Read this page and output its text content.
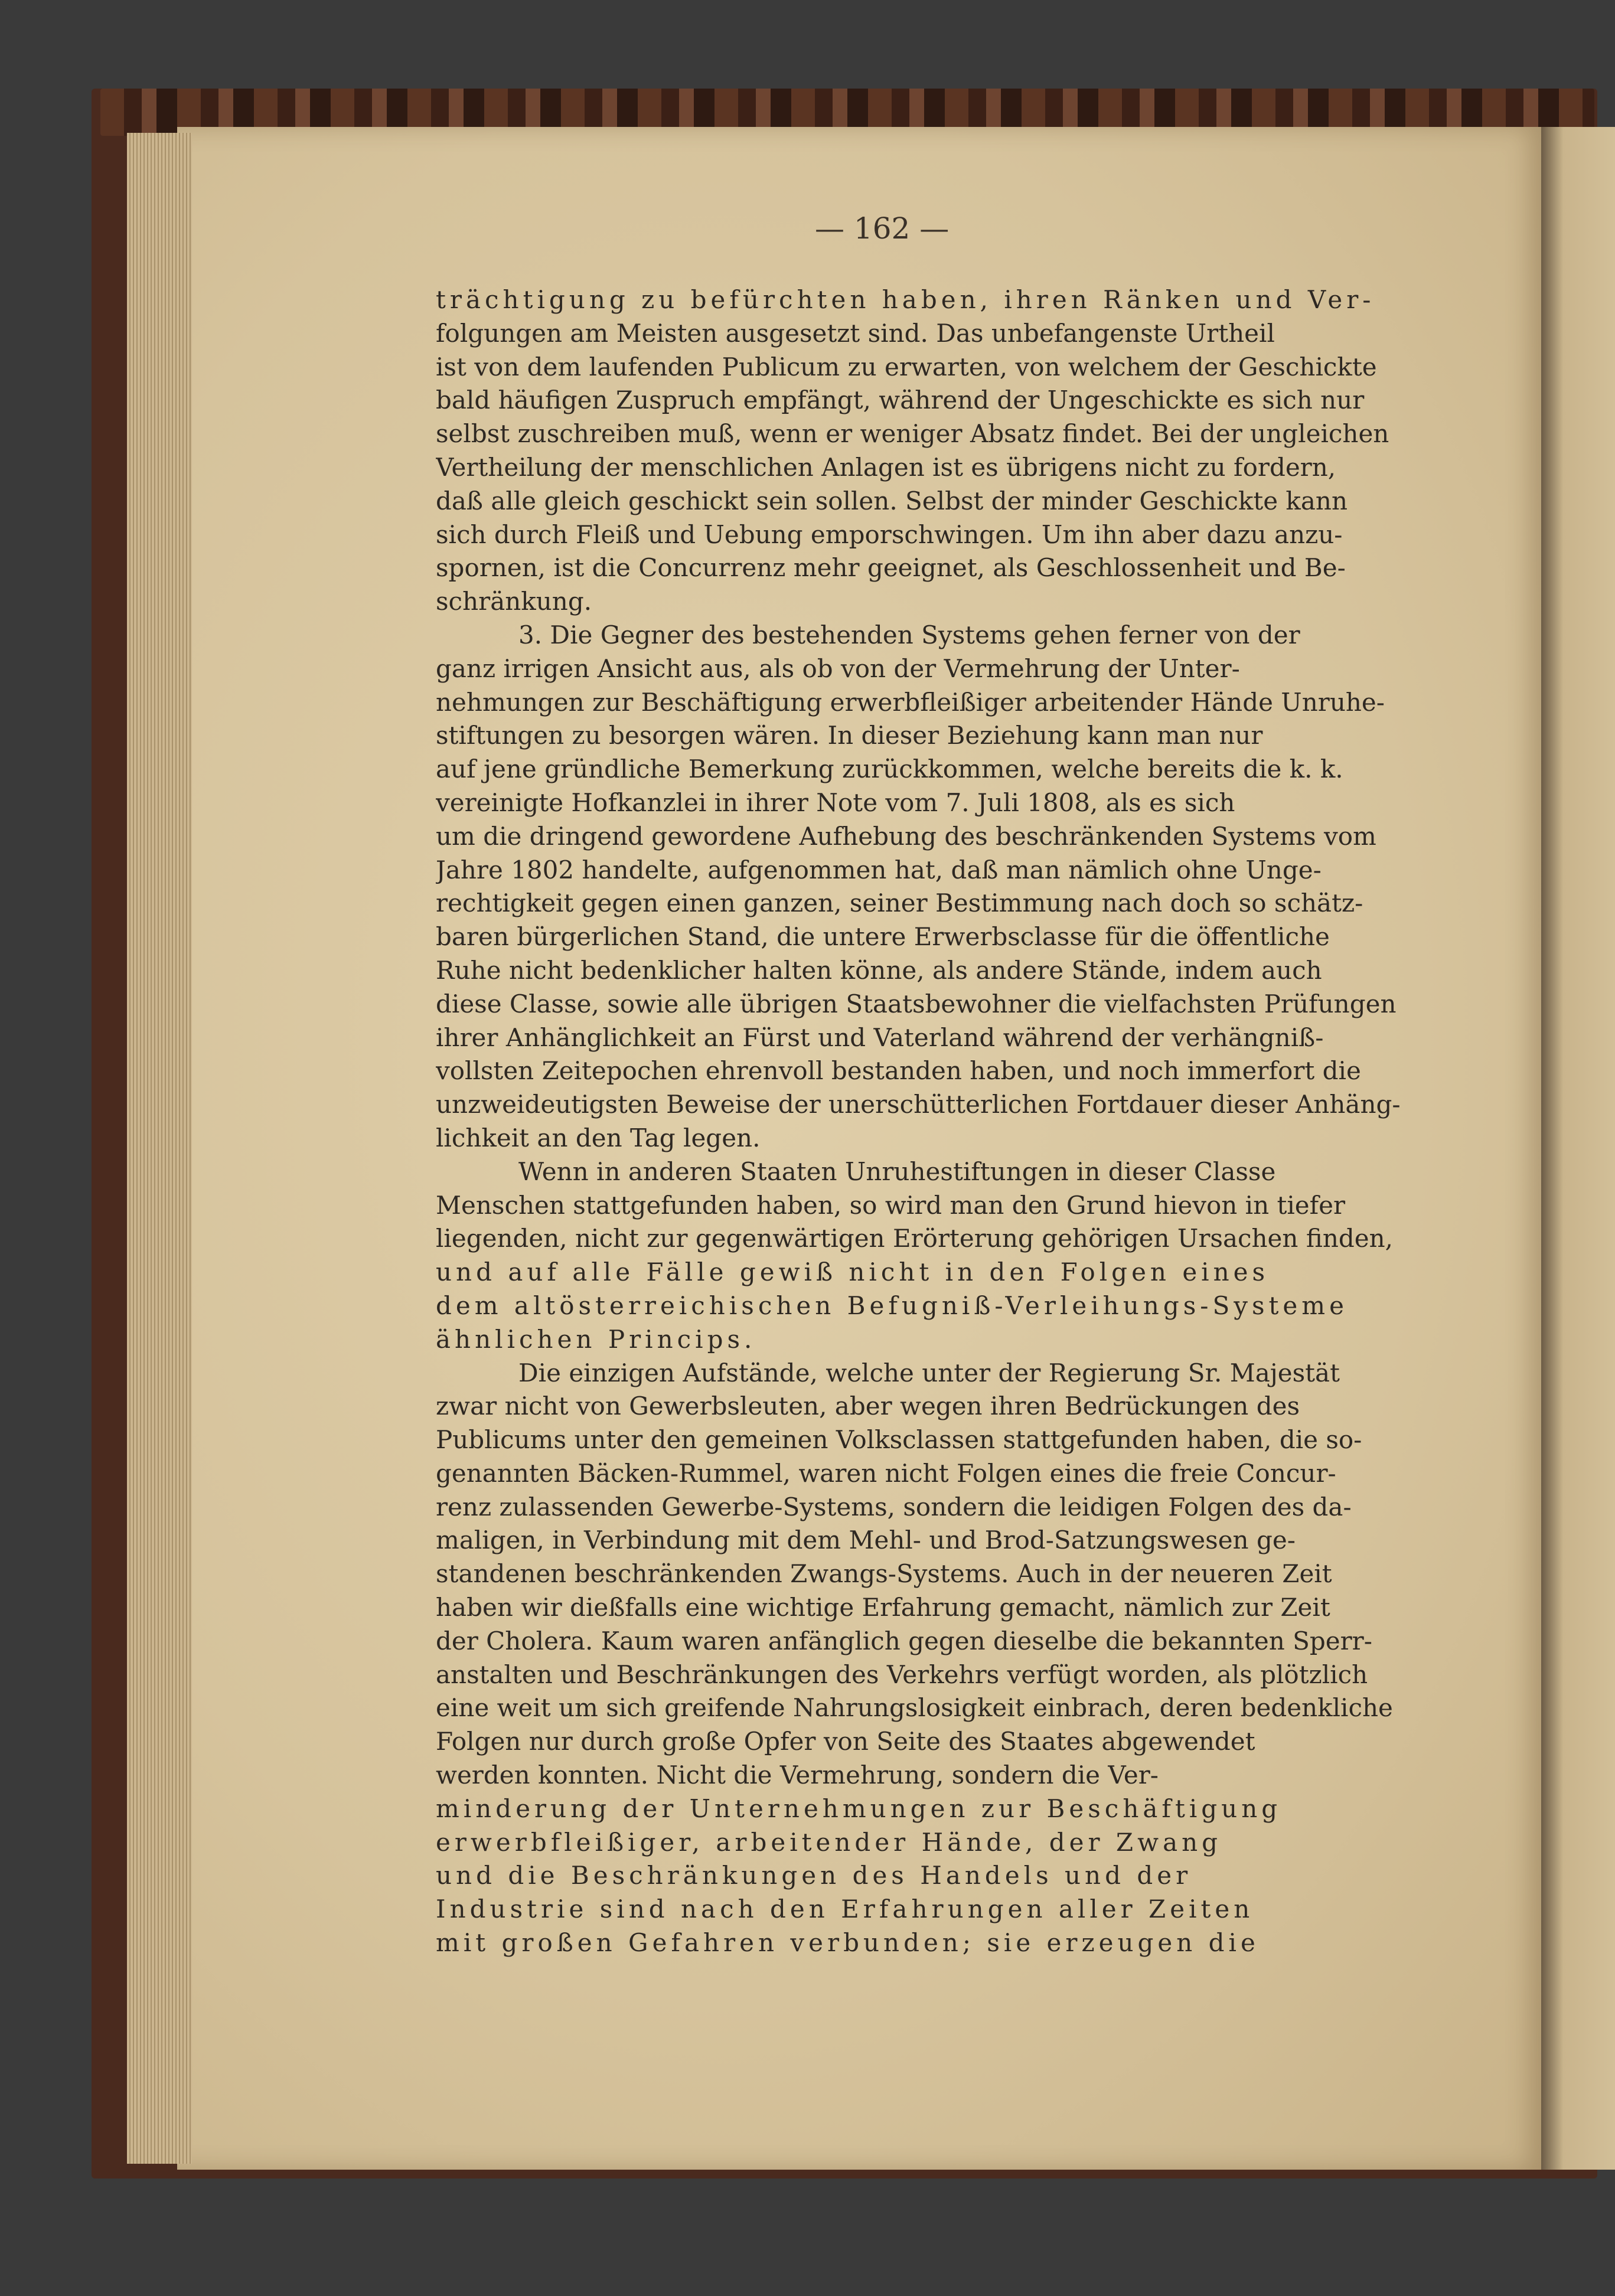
— 162 —
trächtigung zu befürchten haben, ihren Ränken und Ver-
folgungen am Meisten ausgesetzt sind. Das unbefangenste Urtheil
ist von dem laufenden Publicum zu erwarten, von welchem der Geschickte
bald häufigen Zuspruch empfängt, während der Ungeschickte es sich nur
selbst zuschreiben muß, wenn er weniger Absatz findet. Bei der ungleichen
Vertheilung der menschlichen Anlagen ist es übrigens nicht zu fordern,
daß alle gleich geschickt sein sollen. Selbst der minder Geschickte kann
sich durch Fleiß und Uebung emporschwingen. Um ihn aber dazu anzu-
spornen, ist die Concurrenz mehr geeignet, als Geschlossenheit und Be-
schränkung.
3. Die Gegner des bestehenden Systems gehen ferner von der
ganz irrigen Ansicht aus, als ob von der Vermehrung der Unter-
nehmungen zur Beschäftigung erwerbfleißiger arbeitender Hände Unruhe-
stiftungen zu besorgen wären. In dieser Beziehung kann man nur
auf jene gründliche Bemerkung zurückkommen, welche bereits die k. k.
vereinigte Hofkanzlei in ihrer Note vom 7. Juli 1808, als es sich
um die dringend gewordene Aufhebung des beschränkenden Systems vom
Jahre 1802 handelte, aufgenommen hat, daß man nämlich ohne Unge-
rechtigkeit gegen einen ganzen, seiner Bestimmung nach doch so schätz-
baren bürgerlichen Stand, die untere Erwerbsclasse für die öffentliche
Ruhe nicht bedenklicher halten könne, als andere Stände, indem auch
diese Classe, sowie alle übrigen Staatsbewohner die vielfachsten Prüfungen
ihrer Anhänglichkeit an Fürst und Vaterland während der verhängniß-
vollsten Zeitepochen ehrenvoll bestanden haben, und noch immerfort die
unzweideutigsten Beweise der unerschütterlichen Fortdauer dieser Anhäng-
lichkeit an den Tag legen.
Wenn in anderen Staaten Unruhestiftungen in dieser Classe
Menschen stattgefunden haben, so wird man den Grund hievon in tiefer
liegenden, nicht zur gegenwärtigen Erörterung gehörigen Ursachen finden,
und auf alle Fälle gewiß nicht in den Folgen eines
dem altösterreichischen Befugniß-Verleihungs-Systeme
ähnlichen Princips.
Die einzigen Aufstände, welche unter der Regierung Sr. Majestät
zwar nicht von Gewerbsleuten, aber wegen ihren Bedrückungen des
Publicums unter den gemeinen Volksclassen stattgefunden haben, die so-
genannten Bäcken-Rummel, waren nicht Folgen eines die freie Concur-
renz zulassenden Gewerbe-Systems, sondern die leidigen Folgen des da-
maligen, in Verbindung mit dem Mehl- und Brod-Satzungswesen ge-
standenen beschränkenden Zwangs-Systems. Auch in der neueren Zeit
haben wir dießfalls eine wichtige Erfahrung gemacht, nämlich zur Zeit
der Cholera. Kaum waren anfänglich gegen dieselbe die bekannten Sperr-
anstalten und Beschränkungen des Verkehrs verfügt worden, als plötzlich
eine weit um sich greifende Nahrungslosigkeit einbrach, deren bedenkliche
Folgen nur durch große Opfer von Seite des Staates abgewendet
werden konnten. Nicht die Vermehrung, sondern die Ver-
minderung der Unternehmungen zur Beschäftigung
erwerbfleißiger, arbeitender Hände, der Zwang
und die Beschränkungen des Handels und der
Industrie sind nach den Erfahrungen aller Zeiten
mit großen Gefahren verbunden; sie erzeugen die
